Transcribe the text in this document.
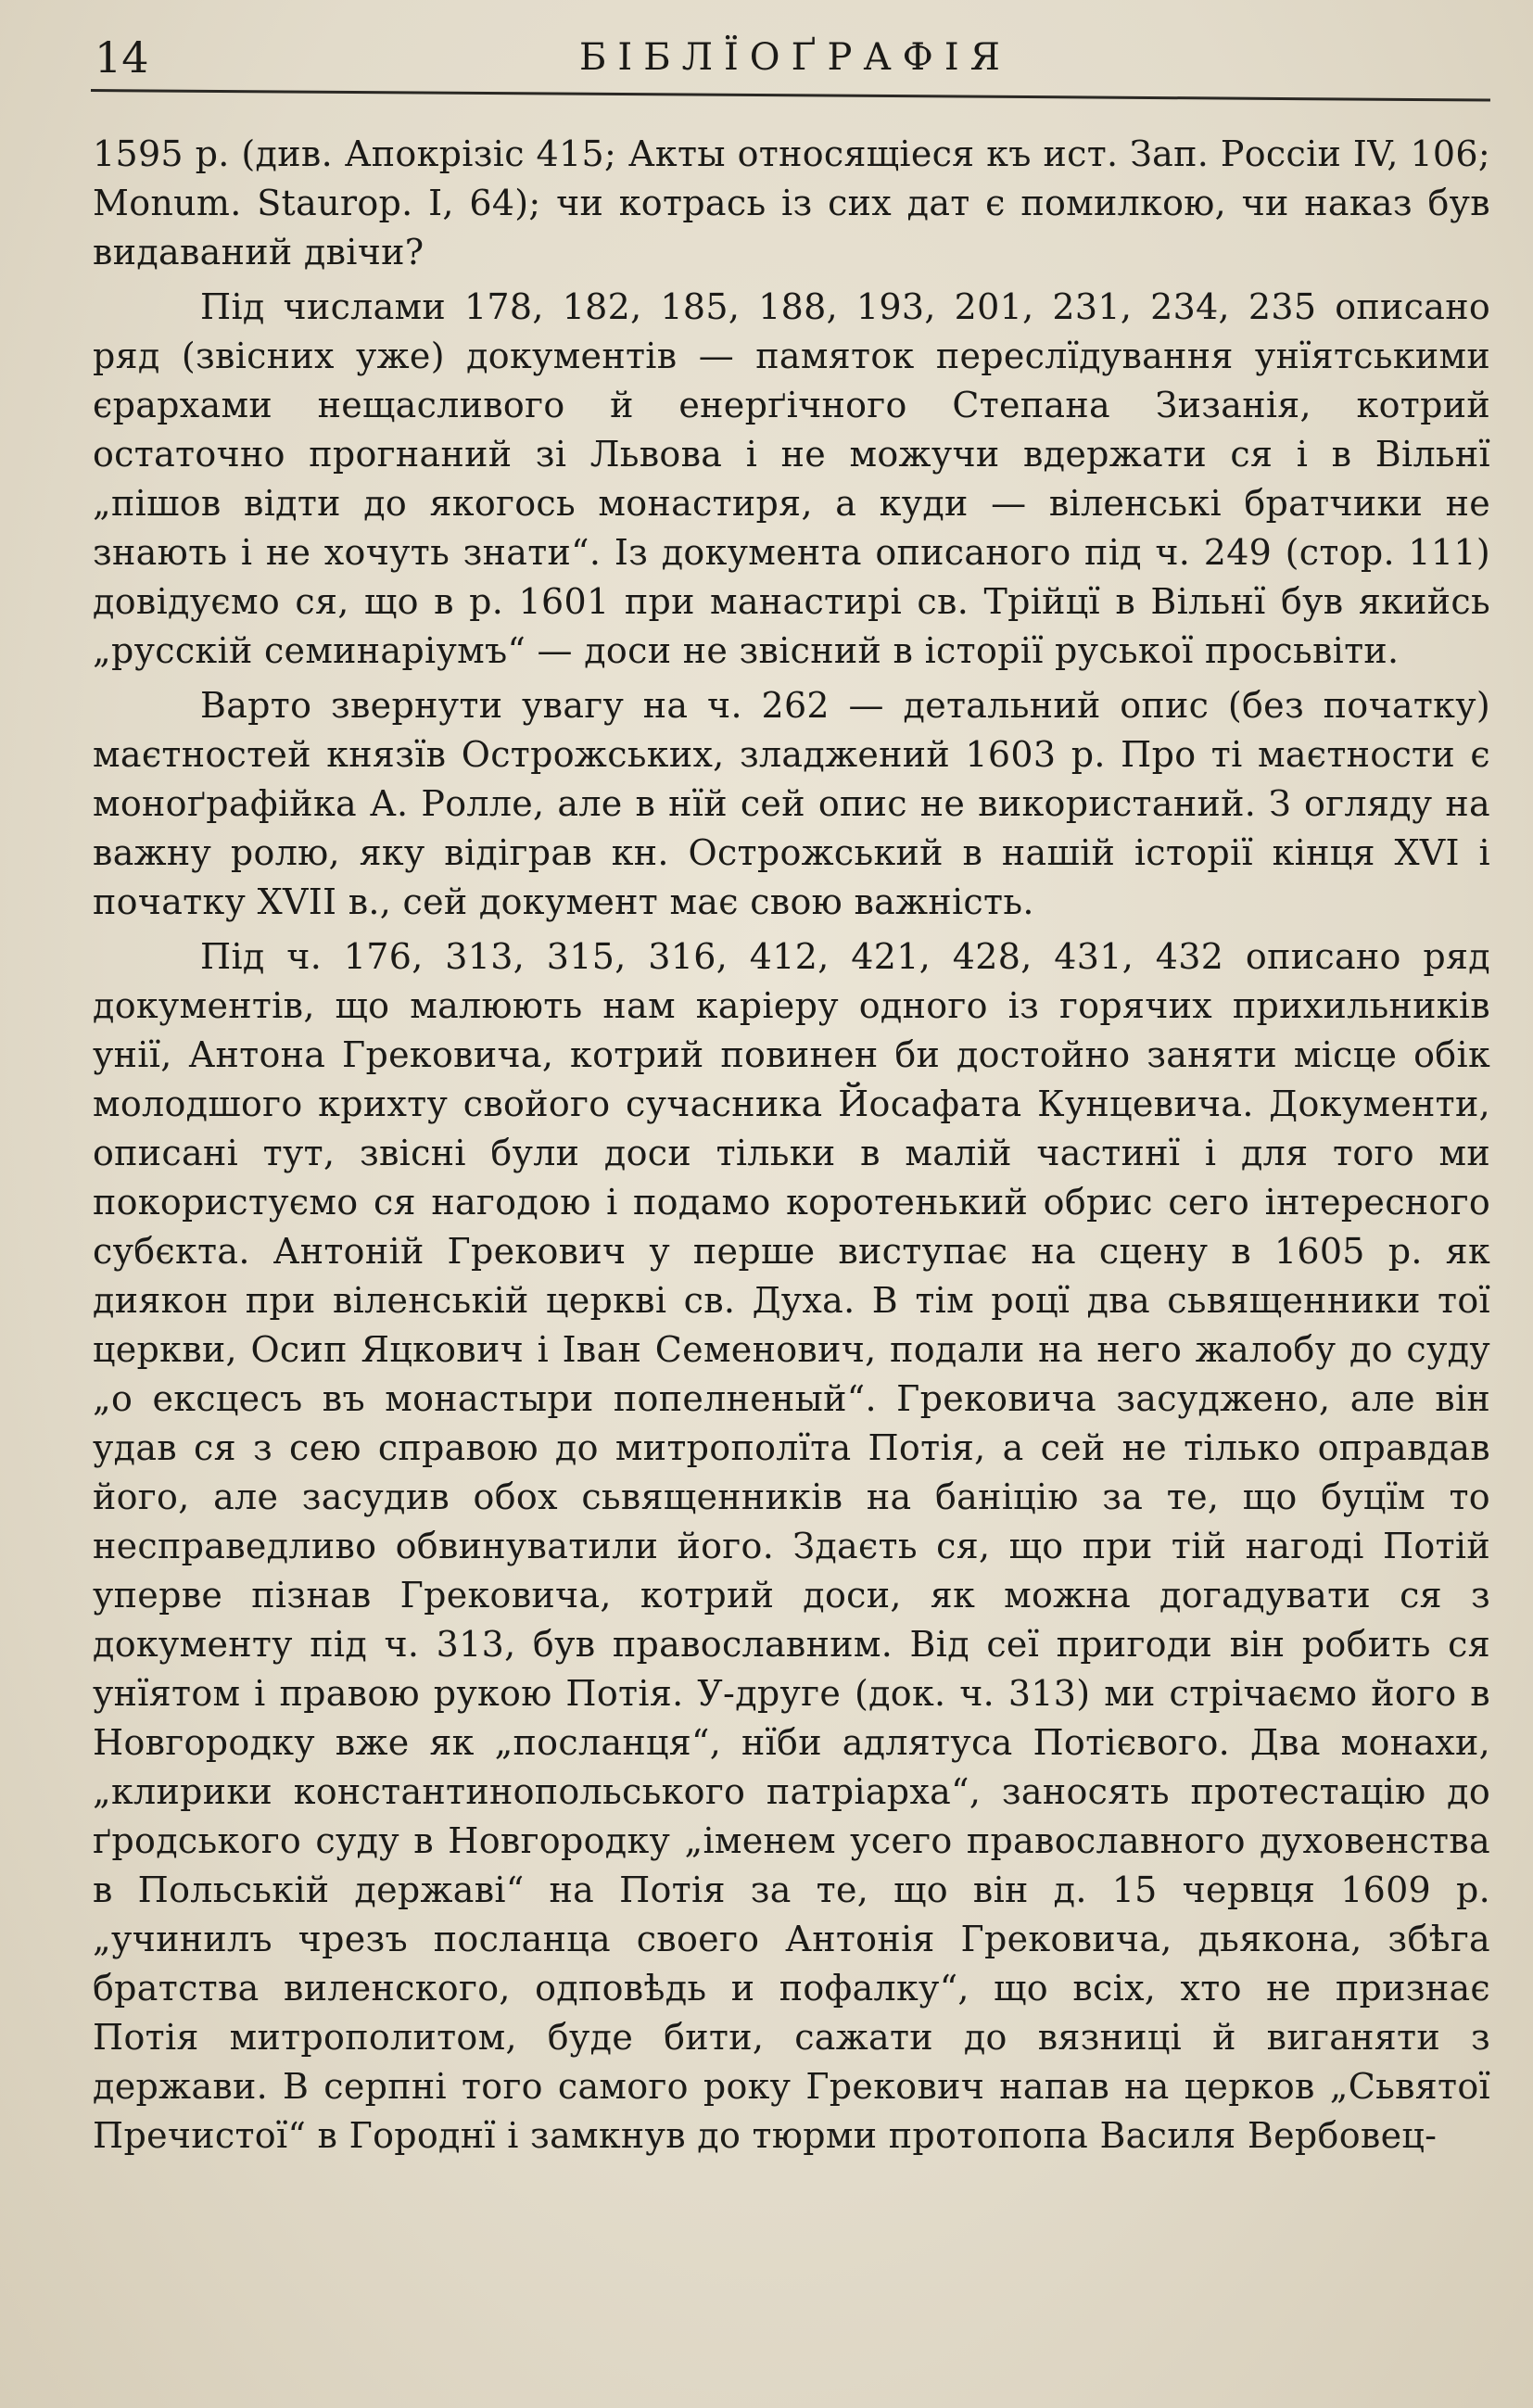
14	БІБЛЇОҐРАФІЯ

1595 р. (див. Апокрізіс 415; Акты относящіеся къ ист. Зап. Россіи IV, 106; Monum. Staurop. I, 64); чи котрась із сих дат є помилкою, чи наказ був видаваний двічи?

Під числами 178, 182, 185, 188, 193, 201, 231, 234, 235 описано ряд (звісних уже) документів — памяток переслїдування унїятськими єрархами нещасливого й енерґічного Степана Зизанія, котрий остаточно прогнаний зі Львова і не можучи вдержати ся і в Вільнї „пішов відти до якогось монастиря, а куди — віленські братчики не знають і не хочуть знати“. Із документа описаного під ч. 249 (стор. 111) довідуємо ся, що в р. 1601 при манастирі св. Трійцї в Вільнї був якийсь „русскій семинаріумъ“ — доси не звісний в історії руської просьвіти.

Варто звернути увагу на ч. 262 — детальний опис (без початку) маєтностей князїв Острожських, зладжений 1603 р. Про ті маєтности є моноґрафійка А. Ролле, але в нїй сей опис не використаний. З огляду на важну ролю, яку відіграв кн. Острожський в нашій історії кінця XVI і початку XVII в., сей документ має свою важність.

Під ч. 176, 313, 315, 316, 412, 421, 428, 431, 432 описано ряд документів, що малюють нам каріеру одного із горячих прихильників унії, Антона Грековича, котрий повинен би достойно заняти місце обік молодшого крихту свойого сучасника Йосафата Кунцевича. Документи, описані тут, звісні були доси тільки в малій частинї і для того ми покористуємо ся нагодою і подамо коротенький обрис сего інтересного субєкта. Антоній Грекович у перше виступає на сцену в 1605 р. як диякон при віленській церкві св. Духа. В тім роцї два сьвященники тої церкви, Осип Яцкович і Іван Семенович, подали на него жалобу до суду „о ексцесъ въ монастыри попелненый“. Грековича засуджено, але він удав ся з сею справою до митрополїта Потія, а сей не тілько оправдав його, але засудив обох сьвященників на баніцію за те, що буцїм то несправедливо обвинуватили його. Здаєть ся, що при тій нагоді Потій уперве пізнав Грековича, котрий доси, як можна догадувати ся з документу під ч. 313, був православним. Від сеї пригоди він робить ся унїятом і правою рукою Потія. У-друге (док. ч. 313) ми стрічаємо його в Новгородку вже як „посланця“, нїби адлятуса Потієвого. Два монахи, „клирики константинопольського патріарха“, заносять протестацію до ґродського суду в Новгородку „іменем усего православного духовенства в Польській державі“ на Потія за те, що він д. 15 червця 1609 р. „учинилъ чрезъ посланца своего Антонія Грековича, дьякона, збѣга братства виленского, одповѣдь и пофалку“, що всіх, хто не признає Потія митрополитом, буде бити, сажати до вязниці й виганяти з держави. В серпні того самого року Грекович напав на церков „Сьвятої Пречистої“ в Городнї і замкнув до тюрми протопопа Василя Вербовец-
